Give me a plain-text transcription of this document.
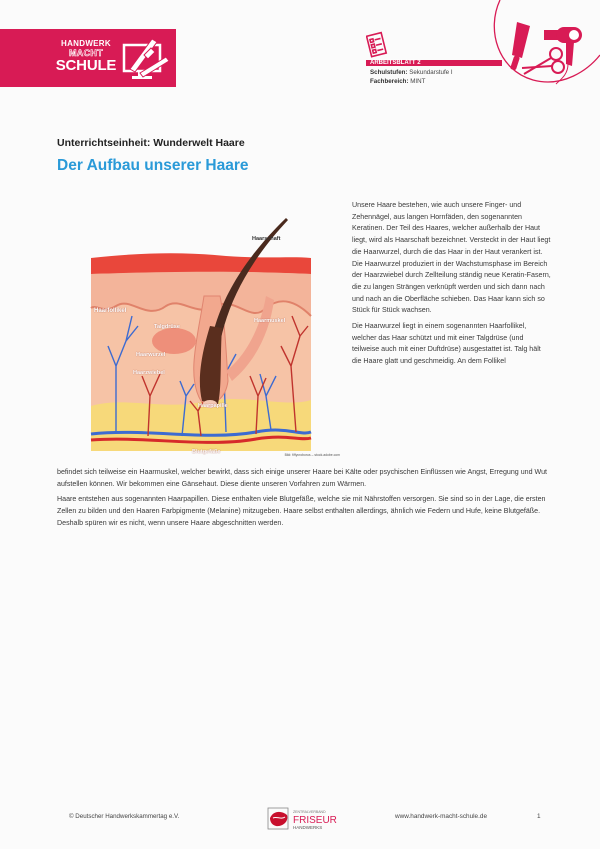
HANDWERK
MACHT
SCHULE	ARBEITSBLATT 2
Schulstufen: Sekundarstufe I
Fachbereich: MINT
Unterrichtseinheit: Wunderwelt Haare
Der Aufbau unserer Haare
Haarschaft
Haarfollikel
Talgdrüse
Haarmuskel
Haarwurzel
Haarzwiebel
Haarpapille
Blutgefäße	Bild: fiffycroborus – stock.adobe.com

Unsere Haare bestehen, wie auch unsere Finger- und Zehennägel, aus langen Hornfäden, den sogenannten Keratinen. Der Teil des Haares, welcher außerhalb der Haut liegt, wird als Haarschaft bezeichnet. Versteckt in der Haut liegt die Haarwurzel, durch die das Haar in der Haut verankert ist. Die Haarwurzel produziert in der Wachstumsphase im Bereich der Haarzwiebel durch Zellteilung ständig neue Keratin-Fasern, die zu langen Strängen verknüpft werden und sich dann nach und nach an die Oberfläche schieben. Das Haar kann sich so Stück für Stück wachsen.

Die Haarwurzel liegt in einem sogenannten Haarfollikel, welcher das Haar schützt und mit einer Talgdrüse (und teilweise auch mit einer Duftdrüse) ausgestattet ist. Talg hält die Haare glatt und geschmeidig. An dem Follikel

befindet sich teilweise ein Haarmuskel, welcher bewirkt, dass sich einige unserer Haare bei Kälte oder psychischen Einflüssen wie Angst, Erregung und Wut aufstellen können. Wir bekommen eine Gänsehaut. Diese diente unseren Vorfahren zum Wärmen.

Haare entstehen aus sogenannten Haarpapillen. Diese enthalten viele Blutgefäße, welche sie mit Nährstoffen versorgen. Sie sind so in der Lage, die ersten Zellen zu bilden und den Haaren Farbpigmente (Melanine) mitzugeben. Haare selbst enthalten allerdings, ähnlich wie Federn und Hufe, keine Blutgefäße. Deshalb spüren wir es nicht, wenn unsere Haare abgeschnitten werden.

© Deutscher Handwerkskammertag e.V.
ZENTRALVERBAND
FRISEUR
HANDWERKS
www.handwerk-macht-schule.de	1
